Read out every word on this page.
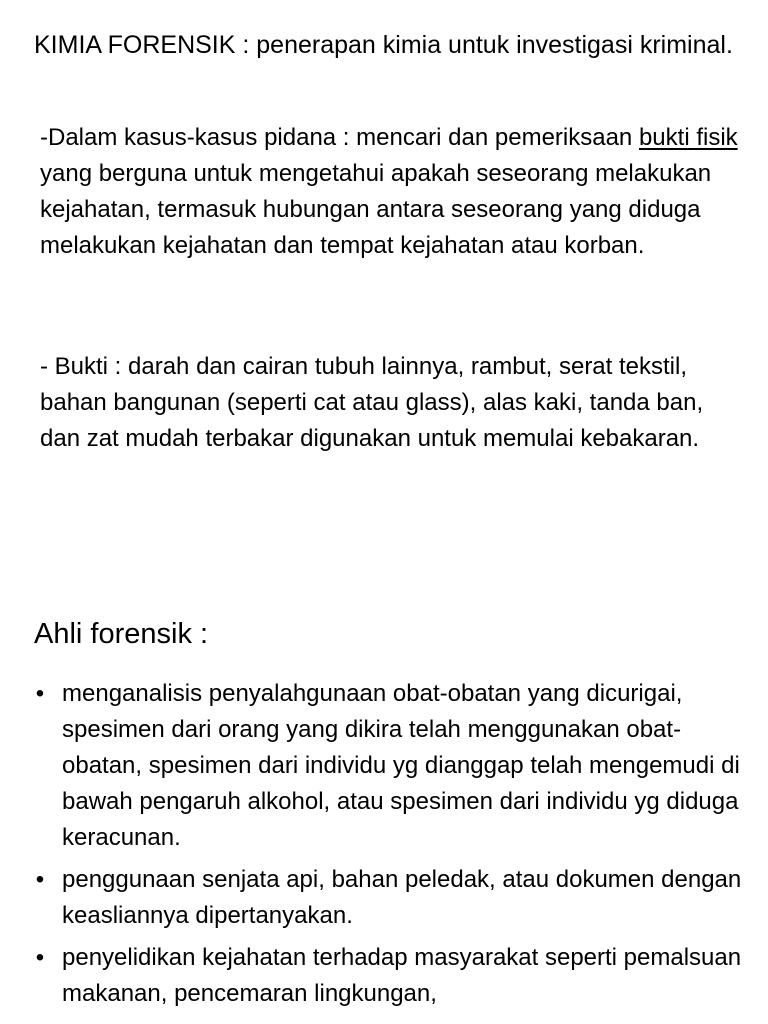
KIMIA FORENSIK : penerapan kimia untuk investigasi kriminal.

-Dalam kasus-kasus pidana : mencari dan pemeriksaan bukti fisik yang berguna untuk mengetahui apakah seseorang melakukan kejahatan, termasuk hubungan antara seseorang yang diduga melakukan kejahatan dan tempat kejahatan atau korban.

- Bukti : darah dan cairan tubuh lainnya, rambut, serat tekstil, bahan bangunan (seperti cat atau glass), alas kaki, tanda ban, dan zat mudah terbakar digunakan untuk memulai kebakaran.

Ahli forensik :
• menganalisis penyalahgunaan obat-obatan yang dicurigai, spesimen dari orang yang dikira telah menggunakan obat-obatan, spesimen dari individu yg dianggap telah mengemudi di bawah pengaruh alkohol, atau spesimen dari individu yg diduga keracunan.
• penggunaan senjata api, bahan peledak, atau dokumen dengan keasliannya dipertanyakan.
• penyelidikan kejahatan terhadap masyarakat seperti pemalsuan makanan, pencemaran lingkungan,
